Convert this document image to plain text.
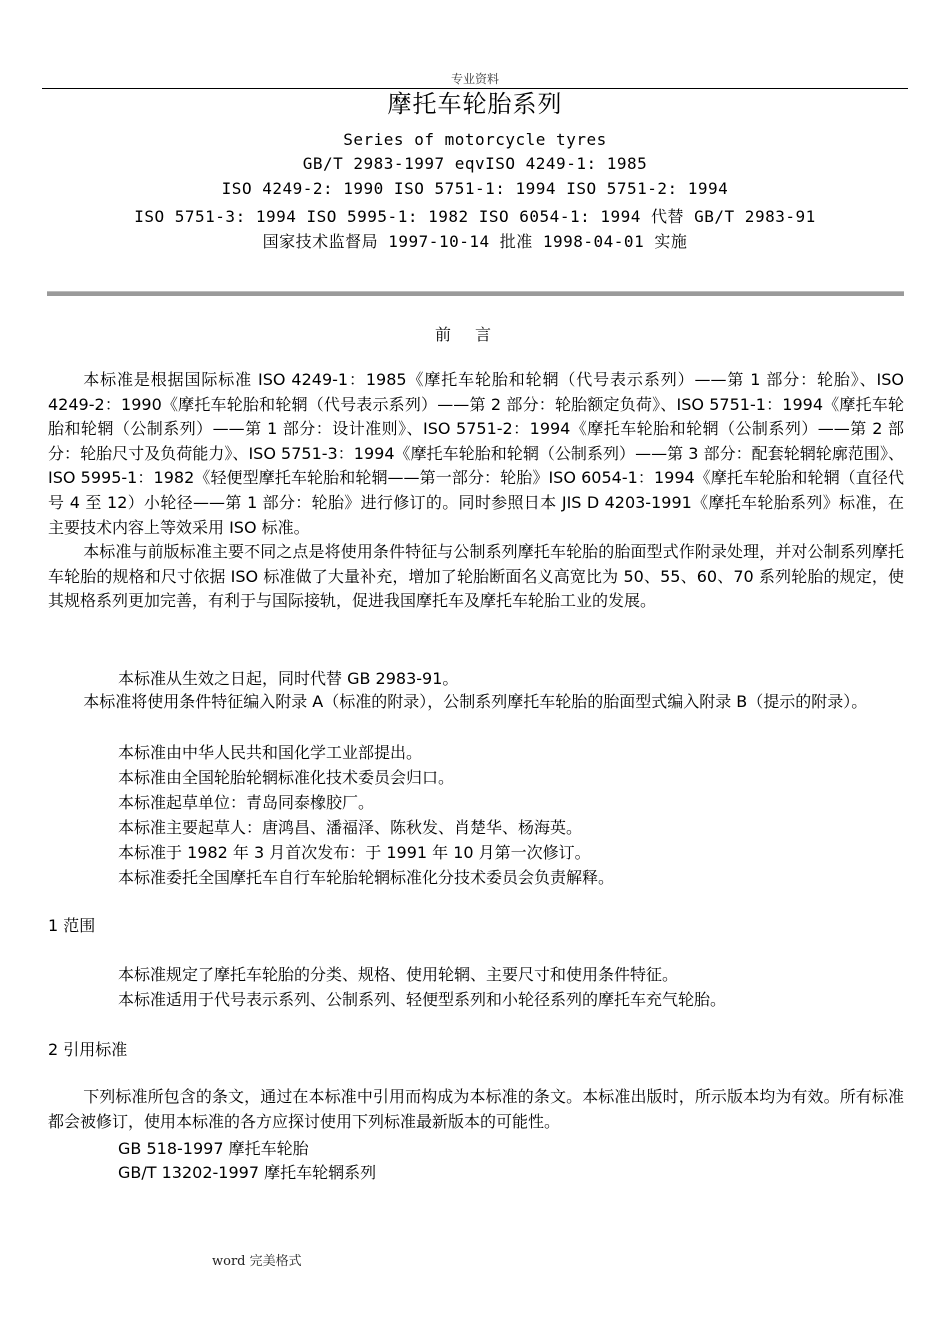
专业资料
摩托车轮胎系列
Series of motorcycle tyres
GB/T 2983-1997 eqvISO 4249-1: 1985
ISO 4249-2: 1990 ISO 5751-1: 1994 ISO 5751-2: 1994
ISO 5751-3: 1994 ISO 5995-1: 1982 ISO 6054-1: 1994 代替 GB/T 2983-91
国家技术监督局 1997-10-14 批准 1998-04-01 实施
前言

本标准是根据国际标准 ISO 4249-1：1985《摩托车轮胎和轮辋（代号表示系列）——第 1 部分：轮胎》、ISO 4249-2：1990《摩托车轮胎和轮辋（代号表示系列）——第 2 部分：轮胎额定负荷》、ISO 5751-1：1994《摩托车轮胎和轮辋（公制系列）——第 1 部分：设计准则》、ISO 5751-2：1994《摩托车轮胎和轮辋（公制系列）——第 2 部分：轮胎尺寸及负荷能力》、ISO 5751-3：1994《摩托车轮胎和轮辋（公制系列）——第 3 部分：配套轮辋轮廓范围》、ISO 5995-1：1982《轻便型摩托车轮胎和轮辋——第一部分：轮胎》ISO 6054-1：1994《摩托车轮胎和轮辋（直径代号 4 至 12）小轮径——第 1 部分：轮胎》进行修订的。同时参照日本 JIS D 4203-1991《摩托车轮胎系列》标准，在主要技术内容上等效采用 ISO 标准。

本标准与前版标准主要不同之点是将使用条件特征与公制系列摩托车轮胎的胎面型式作附录处理，并对公制系列摩托车轮胎的规格和尺寸依据 ISO 标准做了大量补充，增加了轮胎断面名义高宽比为 50、55、60、70 系列轮胎的规定，使其规格系列更加完善，有利于与国际接轨，促进我国摩托车及摩托车轮胎工业的发展。

本标准从生效之日起，同时代替 GB 2983-91。

本标准将使用条件特征编入附录 A（标准的附录），公制系列摩托车轮胎的胎面型式编入附录 B（提示的附录）。

本标准由中华人民共和国化学工业部提出。
本标准由全国轮胎轮辋标准化技术委员会归口。
本标准起草单位：青岛同泰橡胶厂。
本标准主要起草人：唐鸿昌、潘福泽、陈秋发、肖楚华、杨海英。
本标准于 1982 年 3 月首次发布：于 1991 年 10 月第一次修订。
本标准委托全国摩托车自行车轮胎轮辋标准化分技术委员会负责解释。
1 范围
本标准规定了摩托车轮胎的分类、规格、使用轮辋、主要尺寸和使用条件特征。
本标准适用于代号表示系列、公制系列、轻便型系列和小轮径系列的摩托车充气轮胎。
2 引用标准

下列标准所包含的条文，通过在本标准中引用而构成为本标准的条文。本标准出版时，所示版本均为有效。所有标准都会被修订，使用本标准的各方应探讨使用下列标准最新版本的可能性。

GB 518-1997 摩托车轮胎
GB/T 13202-1997 摩托车轮辋系列
word 完美格式
